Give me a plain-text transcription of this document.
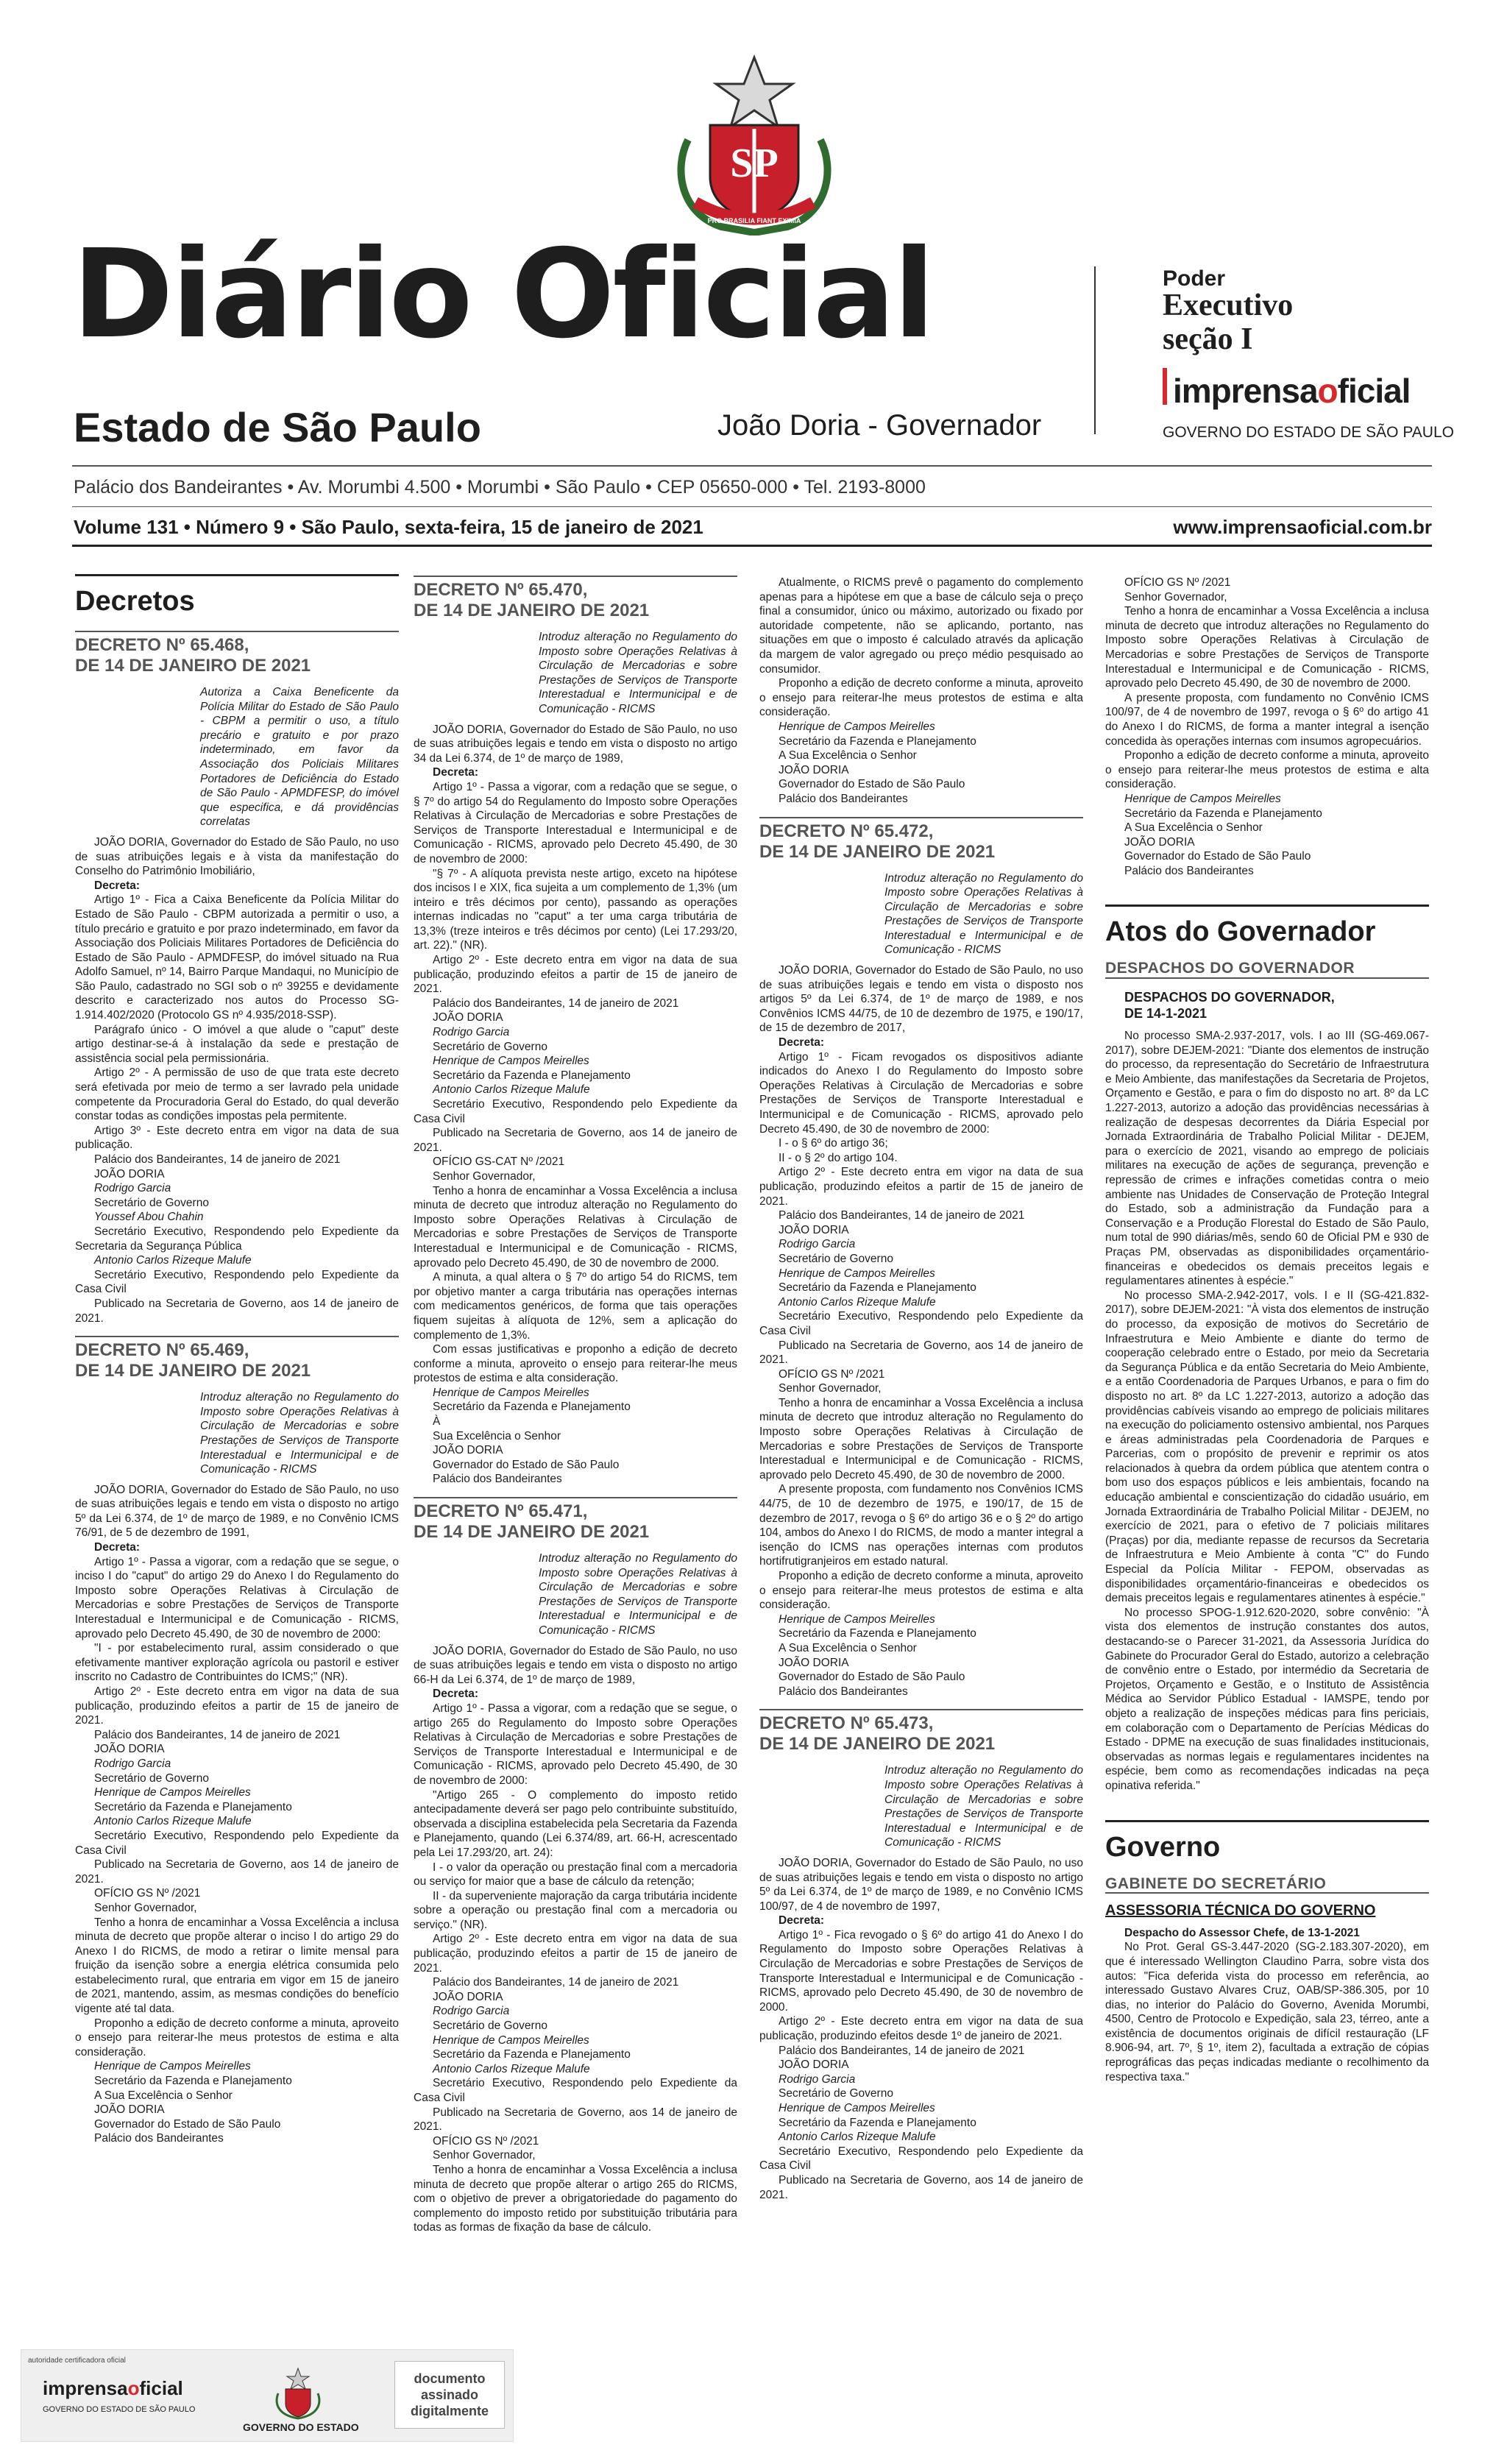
SP
PRO BRASILIA FIANT EXIMIA
Diário Oficial
Estado de São Paulo	João Doria - Governador
Poder
Executivo
seção I
imprensaoficial
GOVERNO DO ESTADO DE SÃO PAULO
Palácio dos Bandeirantes • Av. Morumbi 4.500 • Morumbi • São Paulo • CEP 05650-000 • Tel. 2193-8000
Volume 131 • Número 9 • São Paulo, sexta-feira, 15 de janeiro de 2021	www.imprensaoficial.com.br
Decretos
DECRETO Nº 65.468,
DE 14 DE JANEIRO DE 2021
Autoriza a Caixa Beneficente da Polícia Militar do Estado de São Paulo - CBPM a permitir o uso, a título precário e gratuito e por prazo indeterminado, em favor da Associação dos Policiais Militares Portadores de Deficiência do Estado de São Paulo - APMDFESP, do imóvel que especifica, e dá providências correlatas

JOÃO DORIA, Governador do Estado de São Paulo, no uso de suas atribuições legais e à vista da manifestação do Conselho do Patrimônio Imobiliário,

Decreta:

Artigo 1º - Fica a Caixa Beneficente da Polícia Militar do Estado de São Paulo - CBPM autorizada a permitir o uso, a título precário e gratuito e por prazo indeterminado, em favor da Associação dos Policiais Militares Portadores de Deficiência do Estado de São Paulo - APMDFESP, do imóvel situado na Rua Adolfo Samuel, nº 14, Bairro Parque Mandaqui, no Município de São Paulo, cadastrado no SGI sob o nº 39255 e devidamente descrito e caracterizado nos autos do Processo SG-1.914.402/2020 (Protocolo GS nº 4.935/2018-SSP).

Parágrafo único - O imóvel a que alude o "caput" deste artigo destinar-se-á à instalação da sede e prestação de assistência social pela permissionária.

Artigo 2º - A permissão de uso de que trata este decreto será efetivada por meio de termo a ser lavrado pela unidade competente da Procuradoria Geral do Estado, do qual deverão constar todas as condições impostas pela permitente.

Artigo 3º - Este decreto entra em vigor na data de sua publicação.

Palácio dos Bandeirantes, 14 de janeiro de 2021

JOÃO DORIA

Rodrigo Garcia

Secretário de Governo

Youssef Abou Chahin

Secretário Executivo, Respondendo pelo Expediente da Secretaria da Segurança Pública

Antonio Carlos Rizeque Malufe

Secretário Executivo, Respondendo pelo Expediente da Casa Civil

Publicado na Secretaria de Governo, aos 14 de janeiro de 2021.

DECRETO Nº 65.469,
DE 14 DE JANEIRO DE 2021
Introduz alteração no Regulamento do Imposto sobre Operações Relativas à Circulação de Mercadorias e sobre Prestações de Serviços de Transporte Interestadual e Intermunicipal e de Comunicação - RICMS

JOÃO DORIA, Governador do Estado de São Paulo, no uso de suas atribuições legais e tendo em vista o disposto no artigo 5º da Lei 6.374, de 1º de março de 1989, e no Convênio ICMS 76/91, de 5 de dezembro de 1991,

Decreta:

Artigo 1º - Passa a vigorar, com a redação que se segue, o inciso I do "caput" do artigo 29 do Anexo I do Regulamento do Imposto sobre Operações Relativas à Circulação de Mercadorias e sobre Prestações de Serviços de Transporte Interestadual e Intermunicipal e de Comunicação - RICMS, aprovado pelo Decreto 45.490, de 30 de novembro de 2000:

"I - por estabelecimento rural, assim considerado o que efetivamente mantiver exploração agrícola ou pastoril e estiver inscrito no Cadastro de Contribuintes do ICMS;" (NR).

Artigo 2º - Este decreto entra em vigor na data de sua publicação, produzindo efeitos a partir de 15 de janeiro de 2021.

Palácio dos Bandeirantes, 14 de janeiro de 2021

JOÃO DORIA

Rodrigo Garcia

Secretário de Governo

Henrique de Campos Meirelles

Secretário da Fazenda e Planejamento

Antonio Carlos Rizeque Malufe

Secretário Executivo, Respondendo pelo Expediente da Casa Civil

Publicado na Secretaria de Governo, aos 14 de janeiro de 2021.

OFÍCIO GS Nº /2021

Senhor Governador,

Tenho a honra de encaminhar a Vossa Excelência a inclusa minuta de decreto que propõe alterar o inciso I do artigo 29 do Anexo I do RICMS, de modo a retirar o limite mensal para fruição da isenção sobre a energia elétrica consumida pelo estabelecimento rural, que entraria em vigor em 15 de janeiro de 2021, mantendo, assim, as mesmas condições do benefício vigente até tal data.

Proponho a edição de decreto conforme a minuta, aproveito o ensejo para reiterar-lhe meus protestos de estima e alta consideração.

Henrique de Campos Meirelles

Secretário da Fazenda e Planejamento

A Sua Excelência o Senhor

JOÃO DORIA

Governador do Estado de São Paulo

Palácio dos Bandeirantes

DECRETO Nº 65.470,
DE 14 DE JANEIRO DE 2021
Introduz alteração no Regulamento do Imposto sobre Operações Relativas à Circulação de Mercadorias e sobre Prestações de Serviços de Transporte Interestadual e Intermunicipal e de Comunicação - RICMS

JOÃO DORIA, Governador do Estado de São Paulo, no uso de suas atribuições legais e tendo em vista o disposto no artigo 34 da Lei 6.374, de 1º de março de 1989,

Decreta:

Artigo 1º - Passa a vigorar, com a redação que se segue, o § 7º do artigo 54 do Regulamento do Imposto sobre Operações Relativas à Circulação de Mercadorias e sobre Prestações de Serviços de Transporte Interestadual e Intermunicipal e de Comunicação - RICMS, aprovado pelo Decreto 45.490, de 30 de novembro de 2000:

"§ 7º - A alíquota prevista neste artigo, exceto na hipótese dos incisos I e XIX, fica sujeita a um complemento de 1,3% (um inteiro e três décimos por cento), passando as operações internas indicadas no "caput" a ter uma carga tributária de 13,3% (treze inteiros e três décimos por cento) (Lei 17.293/20, art. 22)." (NR).

Artigo 2º - Este decreto entra em vigor na data de sua publicação, produzindo efeitos a partir de 15 de janeiro de 2021.

Palácio dos Bandeirantes, 14 de janeiro de 2021

JOÃO DORIA

Rodrigo Garcia

Secretário de Governo

Henrique de Campos Meirelles

Secretário da Fazenda e Planejamento

Antonio Carlos Rizeque Malufe

Secretário Executivo, Respondendo pelo Expediente da Casa Civil

Publicado na Secretaria de Governo, aos 14 de janeiro de 2021.

OFÍCIO GS-CAT Nº /2021

Senhor Governador,

Tenho a honra de encaminhar a Vossa Excelência a inclusa minuta de decreto que introduz alteração no Regulamento do Imposto sobre Operações Relativas à Circulação de Mercadorias e sobre Prestações de Serviços de Transporte Interestadual e Intermunicipal e de Comunicação - RICMS, aprovado pelo Decreto 45.490, de 30 de novembro de 2000.

A minuta, a qual altera o § 7º do artigo 54 do RICMS, tem por objetivo manter a carga tributária nas operações internas com medicamentos genéricos, de forma que tais operações fiquem sujeitas à alíquota de 12%, sem a aplicação do complemento de 1,3%.

Com essas justificativas e proponho a edição de decreto conforme a minuta, aproveito o ensejo para reiterar-lhe meus protestos de estima e alta consideração.

Henrique de Campos Meirelles

Secretário da Fazenda e Planejamento

À

Sua Excelência o Senhor

JOÃO DORIA

Governador do Estado de São Paulo

Palácio dos Bandeirantes

DECRETO Nº 65.471,
DE 14 DE JANEIRO DE 2021
Introduz alteração no Regulamento do Imposto sobre Operações Relativas à Circulação de Mercadorias e sobre Prestações de Serviços de Transporte Interestadual e Intermunicipal e de Comunicação - RICMS

JOÃO DORIA, Governador do Estado de São Paulo, no uso de suas atribuições legais e tendo em vista o disposto no artigo 66-H da Lei 6.374, de 1º de março de 1989,

Decreta:

Artigo 1º - Passa a vigorar, com a redação que se segue, o artigo 265 do Regulamento do Imposto sobre Operações Relativas à Circulação de Mercadorias e sobre Prestações de Serviços de Transporte Interestadual e Intermunicipal e de Comunicação - RICMS, aprovado pelo Decreto 45.490, de 30 de novembro de 2000:

"Artigo 265 - O complemento do imposto retido antecipadamente deverá ser pago pelo contribuinte substituído, observada a disciplina estabelecida pela Secretaria da Fazenda e Planejamento, quando (Lei 6.374/89, art. 66-H, acrescentado pela Lei 17.293/20, art. 24):

I - o valor da operação ou prestação final com a mercadoria ou serviço for maior que a base de cálculo da retenção;

II - da superveniente majoração da carga tributária incidente sobre a operação ou prestação final com a mercadoria ou serviço." (NR).

Artigo 2º - Este decreto entra em vigor na data de sua publicação, produzindo efeitos a partir de 15 de janeiro de 2021.

Palácio dos Bandeirantes, 14 de janeiro de 2021

JOÃO DORIA

Rodrigo Garcia

Secretário de Governo

Henrique de Campos Meirelles

Secretário da Fazenda e Planejamento

Antonio Carlos Rizeque Malufe

Secretário Executivo, Respondendo pelo Expediente da Casa Civil

Publicado na Secretaria de Governo, aos 14 de janeiro de 2021.

OFÍCIO GS Nº /2021

Senhor Governador,

Tenho a honra de encaminhar a Vossa Excelência a inclusa minuta de decreto que propõe alterar o artigo 265 do RICMS, com o objetivo de prever a obrigatoriedade do pagamento do complemento do imposto retido por substituição tributária para todas as formas de fixação da base de cálculo.

Atualmente, o RICMS prevê o pagamento do complemento apenas para a hipótese em que a base de cálculo seja o preço final a consumidor, único ou máximo, autorizado ou fixado por autoridade competente, não se aplicando, portanto, nas situações em que o imposto é calculado através da aplicação da margem de valor agregado ou preço médio pesquisado ao consumidor.

Proponho a edição de decreto conforme a minuta, aproveito o ensejo para reiterar-lhe meus protestos de estima e alta consideração.

Henrique de Campos Meirelles

Secretário da Fazenda e Planejamento

A Sua Excelência o Senhor

JOÃO DORIA

Governador do Estado de São Paulo

Palácio dos Bandeirantes

DECRETO Nº 65.472,
DE 14 DE JANEIRO DE 2021
Introduz alteração no Regulamento do Imposto sobre Operações Relativas à Circulação de Mercadorias e sobre Prestações de Serviços de Transporte Interestadual e Intermunicipal e de Comunicação - RICMS

JOÃO DORIA, Governador do Estado de São Paulo, no uso de suas atribuições legais e tendo em vista o disposto nos artigos 5º da Lei 6.374, de 1º de março de 1989, e nos Convênios ICMS 44/75, de 10 de dezembro de 1975, e 190/17, de 15 de dezembro de 2017,

Decreta:

Artigo 1º - Ficam revogados os dispositivos adiante indicados do Anexo I do Regulamento do Imposto sobre Operações Relativas à Circulação de Mercadorias e sobre Prestações de Serviços de Transporte Interestadual e Intermunicipal e de Comunicação - RICMS, aprovado pelo Decreto 45.490, de 30 de novembro de 2000:

I - o § 6º do artigo 36;

II - o § 2º do artigo 104.

Artigo 2º - Este decreto entra em vigor na data de sua publicação, produzindo efeitos a partir de 15 de janeiro de 2021.

Palácio dos Bandeirantes, 14 de janeiro de 2021

JOÃO DORIA

Rodrigo Garcia

Secretário de Governo

Henrique de Campos Meirelles

Secretário da Fazenda e Planejamento

Antonio Carlos Rizeque Malufe

Secretário Executivo, Respondendo pelo Expediente da Casa Civil

Publicado na Secretaria de Governo, aos 14 de janeiro de 2021.

OFÍCIO GS Nº /2021

Senhor Governador,

Tenho a honra de encaminhar a Vossa Excelência a inclusa minuta de decreto que introduz alteração no Regulamento do Imposto sobre Operações Relativas à Circulação de Mercadorias e sobre Prestações de Serviços de Transporte Interestadual e Intermunicipal e de Comunicação - RICMS, aprovado pelo Decreto 45.490, de 30 de novembro de 2000.

A presente proposta, com fundamento nos Convênios ICMS 44/75, de 10 de dezembro de 1975, e 190/17, de 15 de dezembro de 2017, revoga o § 6º do artigo 36 e o § 2º do artigo 104, ambos do Anexo I do RICMS, de modo a manter integral a isenção do ICMS nas operações internas com produtos hortifrutigranjeiros em estado natural.

Proponho a edição de decreto conforme a minuta, aproveito o ensejo para reiterar-lhe meus protestos de estima e alta consideração.

Henrique de Campos Meirelles

Secretário da Fazenda e Planejamento

A Sua Excelência o Senhor

JOÃO DORIA

Governador do Estado de São Paulo

Palácio dos Bandeirantes

DECRETO Nº 65.473,
DE 14 DE JANEIRO DE 2021
Introduz alteração no Regulamento do Imposto sobre Operações Relativas à Circulação de Mercadorias e sobre Prestações de Serviços de Transporte Interestadual e Intermunicipal e de Comunicação - RICMS

JOÃO DORIA, Governador do Estado de São Paulo, no uso de suas atribuições legais e tendo em vista o disposto no artigo 5º da Lei 6.374, de 1º de março de 1989, e no Convênio ICMS 100/97, de 4 de novembro de 1997,

Decreta:

Artigo 1º - Fica revogado o § 6º do artigo 41 do Anexo I do Regulamento do Imposto sobre Operações Relativas à Circulação de Mercadorias e sobre Prestações de Serviços de Transporte Interestadual e Intermunicipal e de Comunicação - RICMS, aprovado pelo Decreto 45.490, de 30 de novembro de 2000.

Artigo 2º - Este decreto entra em vigor na data de sua publicação, produzindo efeitos desde 1º de janeiro de 2021.

Palácio dos Bandeirantes, 14 de janeiro de 2021

JOÃO DORIA

Rodrigo Garcia

Secretário de Governo

Henrique de Campos Meirelles

Secretário da Fazenda e Planejamento

Antonio Carlos Rizeque Malufe

Secretário Executivo, Respondendo pelo Expediente da Casa Civil

Publicado na Secretaria de Governo, aos 14 de janeiro de 2021.

OFÍCIO GS Nº /2021

Senhor Governador,

Tenho a honra de encaminhar a Vossa Excelência a inclusa minuta de decreto que introduz alterações no Regulamento do Imposto sobre Operações Relativas à Circulação de Mercadorias e sobre Prestações de Serviços de Transporte Interestadual e Intermunicipal e de Comunicação - RICMS, aprovado pelo Decreto 45.490, de 30 de novembro de 2000.

A presente proposta, com fundamento no Convênio ICMS 100/97, de 4 de novembro de 1997, revoga o § 6º do artigo 41 do Anexo I do RICMS, de forma a manter integral a isenção concedida às operações internas com insumos agropecuários.

Proponho a edição de decreto conforme a minuta, aproveito o ensejo para reiterar-lhe meus protestos de estima e alta consideração.

Henrique de Campos Meirelles

Secretário da Fazenda e Planejamento

A Sua Excelência o Senhor

JOÃO DORIA

Governador do Estado de São Paulo

Palácio dos Bandeirantes

Atos do Governador
DESPACHOS DO GOVERNADOR
DESPACHOS DO GOVERNADOR,
DE 14-1-2021

No processo SMA-2.937-2017, vols. I ao III (SG-469.067-2017), sobre DEJEM-2021: "Diante dos elementos de instrução do processo, da representação do Secretário de Infraestrutura e Meio Ambiente, das manifestações da Secretaria de Projetos, Orçamento e Gestão, e para o fim do disposto no art. 8º da LC 1.227-2013, autorizo a adoção das providências necessárias à realização de despesas decorrentes da Diária Especial por Jornada Extraordinária de Trabalho Policial Militar - DEJEM, para o exercício de 2021, visando ao emprego de policiais militares na execução de ações de segurança, prevenção e repressão de crimes e infrações cometidas contra o meio ambiente nas Unidades de Conservação de Proteção Integral do Estado, sob a administração da Fundação para a Conservação e a Produção Florestal do Estado de São Paulo, num total de 990 diárias/mês, sendo 60 de Oficial PM e 930 de Praças PM, observadas as disponibilidades orçamentário-financeiras e obedecidos os demais preceitos legais e regulamentares atinentes à espécie."

No processo SMA-2.942-2017, vols. I e II (SG-421.832-2017), sobre DEJEM-2021: "À vista dos elementos de instrução do processo, da exposição de motivos do Secretário de Infraestrutura e Meio Ambiente e diante do termo de cooperação celebrado entre o Estado, por meio da Secretaria da Segurança Pública e da então Secretaria do Meio Ambiente, e a então Coordenadoria de Parques Urbanos, e para o fim do disposto no art. 8º da LC 1.227-2013, autorizo a adoção das providências cabíveis visando ao emprego de policiais militares na execução do policiamento ostensivo ambiental, nos Parques e áreas administradas pela Coordenadoria de Parques e Parcerias, com o propósito de prevenir e reprimir os atos relacionados à quebra da ordem pública que atentem contra o bom uso dos espaços públicos e leis ambientais, focando na educação ambiental e conscientização do cidadão usuário, em Jornada Extraordinária de Trabalho Policial Militar - DEJEM, no exercício de 2021, para o efetivo de 7 policiais militares (Praças) por dia, mediante repasse de recursos da Secretaria de Infraestrutura e Meio Ambiente à conta "C" do Fundo Especial da Polícia Militar - FEPOM, observadas as disponibilidades orçamentário-financeiras e obedecidos os demais preceitos legais e regulamentares atinentes à espécie."

No processo SPOG-1.912.620-2020, sobre convênio: "À vista dos elementos de instrução constantes dos autos, destacando-se o Parecer 31-2021, da Assessoria Jurídica do Gabinete do Procurador Geral do Estado, autorizo a celebração de convênio entre o Estado, por intermédio da Secretaria de Projetos, Orçamento e Gestão, e o Instituto de Assistência Médica ao Servidor Público Estadual - IAMSPE, tendo por objeto a realização de inspeções médicas para fins periciais, em colaboração com o Departamento de Perícias Médicas do Estado - DPME na execução de suas finalidades institucionais, observadas as normas legais e regulamentares incidentes na espécie, bem como as recomendações indicadas na peça opinativa referida."

Governo
GABINETE DO SECRETÁRIO
ASSESSORIA TÉCNICA DO GOVERNO

Despacho do Assessor Chefe, de 13-1-2021

No Prot. Geral GS-3.447-2020 (SG-2.183.307-2020), em que é interessado Wellington Claudino Parra, sobre vista dos autos: "Fica deferida vista do processo em referência, ao interessado Gustavo Alvares Cruz, OAB/SP-386.305, por 10 dias, no interior do Palácio do Governo, Avenida Morumbi, 4500, Centro de Protocolo e Expedição, sala 23, térreo, ante a existência de documentos originais de difícil restauração (LF 8.906-94, art. 7º, § 1º, item 2), facultada a extração de cópias reprográficas das peças indicadas mediante o recolhimento da respectiva taxa."

autoridade certificadora oficial
imprensaoficial
GOVERNO DO ESTADO DE SÃO PAULO
GOVERNO DO ESTADO
documento
assinado
digitalmente
